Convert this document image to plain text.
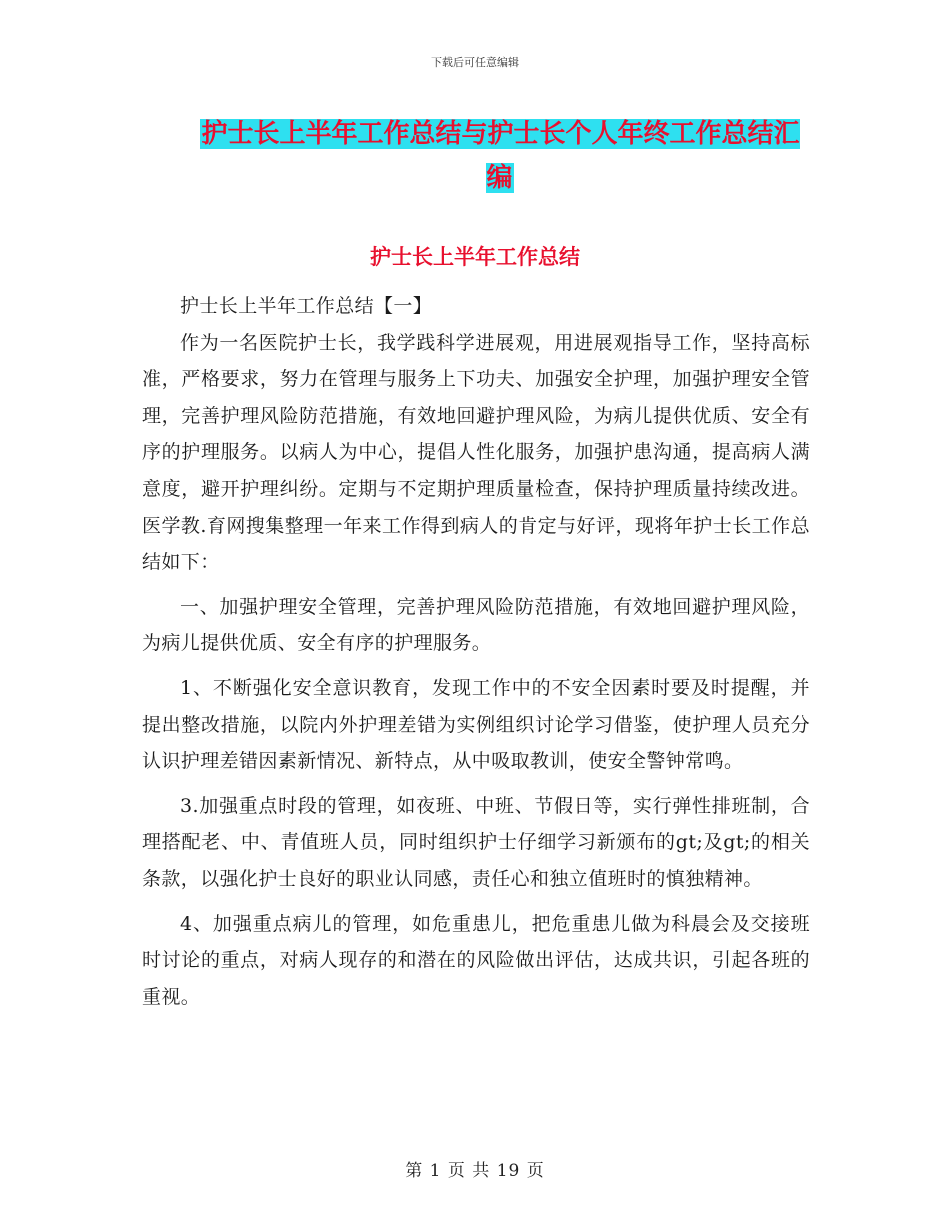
下载后可任意编辑
护士长上半年工作总结与护士长个人年终工作总结汇编
护士长上半年工作总结

护士长上半年工作总结【一】

作为一名医院护士长，我学践科学进展观，用进展观指导工作，坚持高标准，严格要求，努力在管理与服务上下功夫、加强安全护理，加强护理安全管理，完善护理风险防范措施，有效地回避护理风险，为病儿提供优质、安全有序的护理服务。以病人为中心，提倡人性化服务，加强护患沟通，提高病人满意度，避开护理纠纷。定期与不定期护理质量检查，保持护理质量持续改进。医学教.育网搜集整理一年来工作得到病人的肯定与好评，现将年护士长工作总结如下：

一、加强护理安全管理，完善护理风险防范措施，有效地回避护理风险，为病儿提供优质、安全有序的护理服务。

1、不断强化安全意识教育，发现工作中的不安全因素时要及时提醒，并提出整改措施，以院内外护理差错为实例组织讨论学习借鉴，使护理人员充分认识护理差错因素新情况、新特点，从中吸取教训，使安全警钟常鸣。

3.加强重点时段的管理，如夜班、中班、节假日等，实行弹性排班制，合理搭配老、中、青值班人员，同时组织护士仔细学习新颁布的gt;及gt;的相关条款，以强化护士良好的职业认同感，责任心和独立值班时的慎独精神。

4、加强重点病儿的管理，如危重患儿，把危重患儿做为科晨会及交接班时讨论的重点，对病人现存的和潜在的风险做出评估，达成共识，引起各班的重视。

第 1 页 共 19 页
